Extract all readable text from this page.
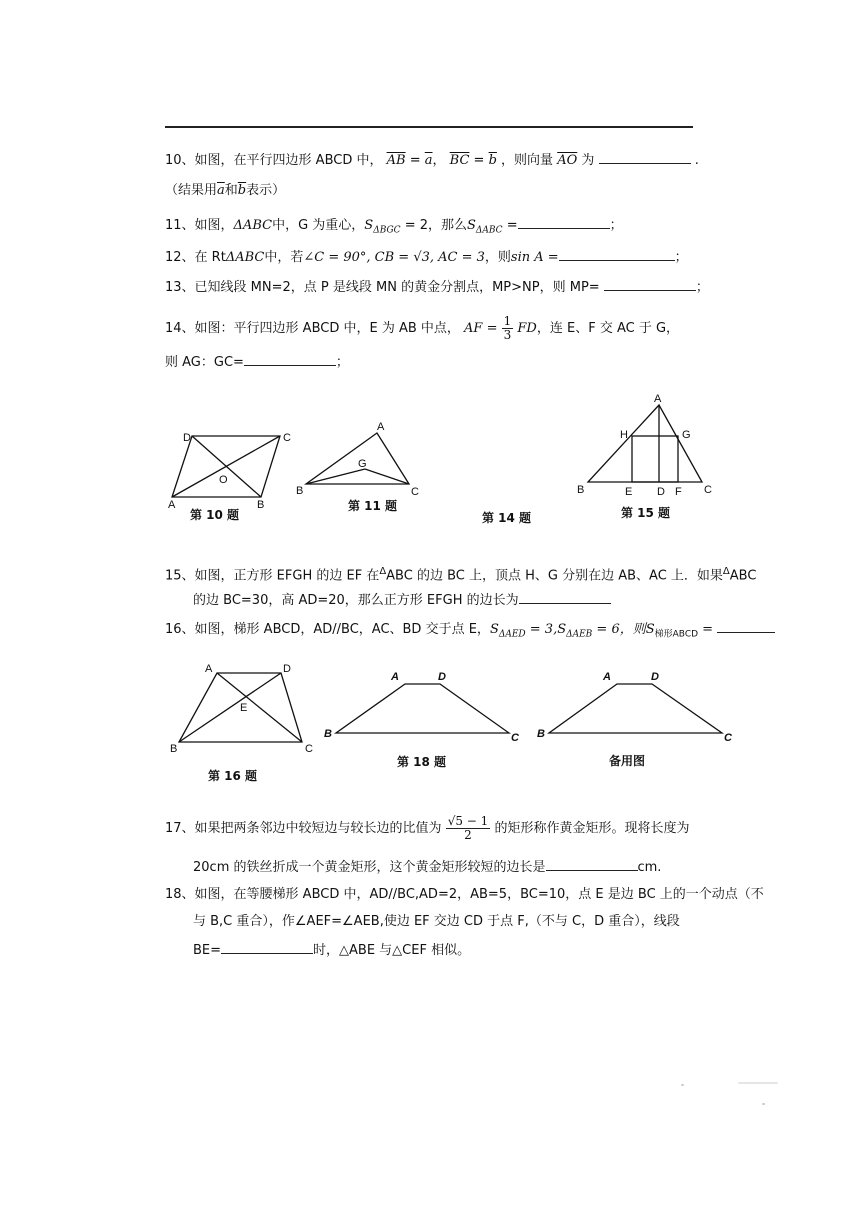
10、如图，在平行四边形 ABCD 中， $\overline{AB} = \overline{a}$， $\overline{BC} = \overline{b}$ ，则向量 $\overline{AO}$ 为	.
（结果用$\overline{a}$和$\overline{b}$表示）
11、如图，ΔABC中，G 为重心，$S_{\Delta BGC} = 2$，那么$S_{\Delta ABC}$ =	；
12、在 RtΔABC中，若∠C = 90°, CB = √3, AC = 3，则sin A =	；
13、已知线段 MN=2，点 P 是线段 MN 的黄金分割点，MP>NP，则 MP=	；
14、如图：平行四边形 ABCD 中，E 为 AB 中点， AF = $\frac{1}{3}$ FD，连 E、F 交 AC 于 G，
则 AG：GC=	；
D	C
O
A	B
A
G
B	C
A
H	G
B	E D F C
A	D
E
B	C
A	D
B	C
A	D
B	C
第 10 题
第 11 题
第 14 题	第 15 题
15、如图，正方形 EFGH 的边 EF 在$^\Delta$ABC 的边 BC 上，顶点 H、G 分别在边 AB、AC 上．如果$^\Delta$ABC
的边 BC=30，高 AD=20，那么正方形 EFGH 的边长为
16、如图，梯形 ABCD，AD//BC，AC、BD 交于点 E，$S_{\Delta AED} = 3,S_{\Delta AEB} = 6$，则$S_{梯形ABCD}$ =
第 16 题
第 18 题	备用图
17、如果把两条邻边中较短边与较长边的比值为 $\frac{√5 - 1}{2}$ 的矩形称作黄金矩形。现将长度为
20cm 的铁丝折成一个黄金矩形，这个黄金矩形较短的边长是	cm.
18、如图，在等腰梯形 ABCD 中，AD//BC,AD=2，AB=5，BC=10，点 E 是边 BC 上的一个动点（不
与 B,C 重合），作∠AEF=∠AEB,使边 EF 交边 CD 于点 F,（不与 C，D 重合），线段
BE=	时，△ABE 与△CEF 相似。
